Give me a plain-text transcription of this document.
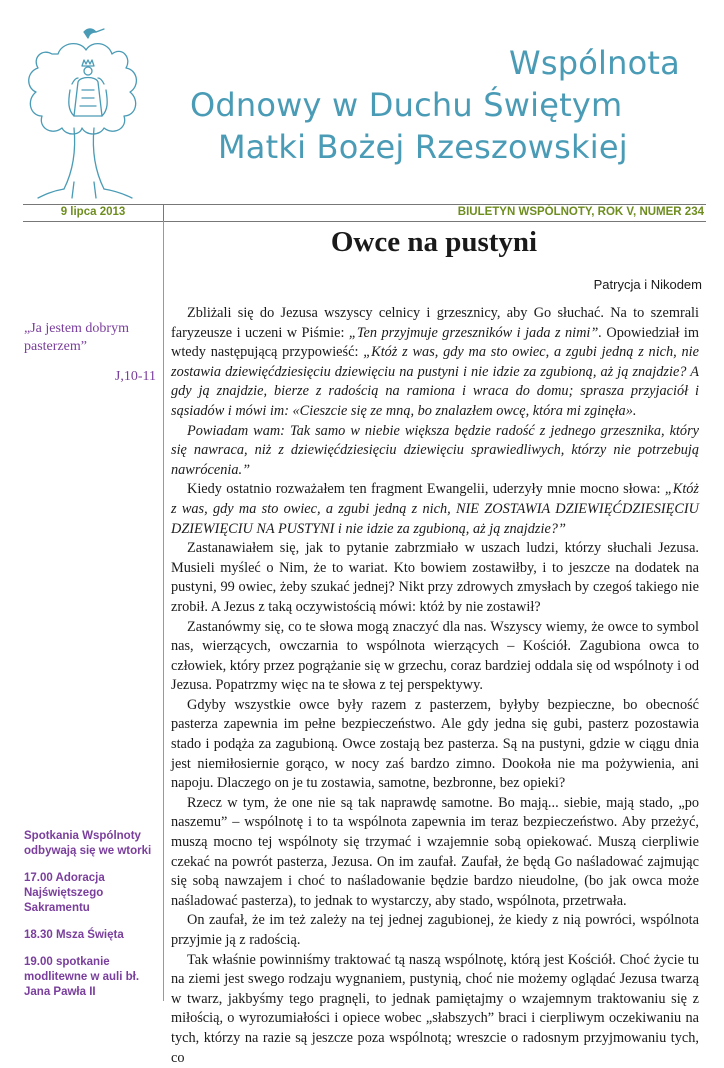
Wspólnota
Odnowy w Duchu Świętym
Matki Bożej Rzeszowskiej
9 lipca 2013	BIULETYN WSPÓLNOTY, ROK V, NUMER 234
„Ja jestem dobrym pasterzem”
J,10-11

Spotkania Wspólnoty odbywają się we wtorki

17.00 Adoracja Najświętszego Sakramentu

18.30 Msza Święta

19.00 spotkanie modlitewne w auli bł. Jana Pawła II

Owce na pustyni
Patrycja i Nikodem

Zbliżali się do Jezusa wszyscy celnicy i grzesznicy, aby Go słuchać. Na to szemrali faryzeusze i uczeni w Piśmie: „Ten przyjmuje grzeszników i jada z nimi”. Opowiedział im wtedy następującą przypowieść: „Któż z was, gdy ma sto owiec, a zgubi jedną z nich, nie zostawia dziewięćdziesięciu dziewięciu na pustyni i nie idzie za zgubioną, aż ją znajdzie? A gdy ją znajdzie, bierze z radością na ramiona i wraca do domu; sprasza przyjaciół i sąsiadów i mówi im: «Cieszcie się ze mną, bo znalazłem owcę, która mi zginęła».

Powiadam wam: Tak samo w niebie większa będzie radość z jednego grzesznika, który się nawraca, niż z dziewięćdziesięciu dziewięciu sprawiedliwych, którzy nie potrzebują nawrócenia.”

Kiedy ostatnio rozważałem ten fragment Ewangelii, uderzyły mnie mocno słowa: „Któż z was, gdy ma sto owiec, a zgubi jedną z nich, NIE ZOSTAWIA DZIEWIĘĆDZIESIĘCIU DZIEWIĘCIU NA PUSTYNI i nie idzie za zgubioną, aż ją znajdzie?”

Zastanawiałem się, jak to pytanie zabrzmiało w uszach ludzi, którzy słuchali Jezusa. Musieli myśleć o Nim, że to wariat. Kto bowiem zostawiłby, i to jeszcze na dodatek na pustyni, 99 owiec, żeby szukać jednej? Nikt przy zdrowych zmysłach by czegoś takiego nie zrobił. A Jezus z taką oczywistością mówi: któż by nie zostawił?

Zastanówmy się, co te słowa mogą znaczyć dla nas. Wszyscy wiemy, że owce to symbol nas, wierzących, owczarnia to wspólnota wierzących – Kościół. Zagubiona owca to człowiek, który przez pogrążanie się w grzechu, coraz bardziej oddala się od wspólnoty i od Jezusa. Popatrzmy więc na te słowa z tej perspektywy.

Gdyby wszystkie owce były razem z pasterzem, byłyby bezpieczne, bo obecność pasterza zapewnia im pełne bezpieczeństwo. Ale gdy jedna się gubi, pasterz pozostawia stado i podąża za zagubioną. Owce zostają bez pasterza. Są na pustyni, gdzie w ciągu dnia jest niemiłosiernie gorąco, w nocy zaś bardzo zimno. Dookoła nie ma pożywienia, ani napoju. Dlaczego on je tu zostawia, samotne, bezbronne, bez opieki?

Rzecz w tym, że one nie są tak naprawdę samotne. Bo mają... siebie, mają stado, „po naszemu” – wspólnotę i to ta wspólnota zapewnia im teraz bezpieczeństwo. Aby przeżyć, muszą mocno tej wspólnoty się trzymać i wzajemnie sobą opiekować. Muszą cierpliwie czekać na powrót pasterza, Jezusa. On im zaufał. Zaufał, że będą Go naśladować zajmując się sobą nawzajem i choć to naśladowanie będzie bardzo nieudolne, (bo jak owca może naśladować pasterza), to jednak to wystarczy, aby stado, wspólnota, przetrwała.

On zaufał, że im też zależy na tej jednej zagubionej, że kiedy z nią powróci, wspólnota przyjmie ją z radością.

Tak właśnie powinniśmy traktować tą naszą wspólnotę, którą jest Kościół. Choć życie tu na ziemi jest swego rodzaju wygnaniem, pustynią, choć nie możemy oglądać Jezusa twarzą w twarz, jakbyśmy tego pragnęli, to jednak pamiętajmy o wzajemnym traktowaniu się z miłością, o wyrozumiałości i opiece wobec „słabszych” braci i cierpliwym oczekiwaniu na tych, którzy na razie są jeszcze poza wspólnotą; wreszcie o radosnym przyjmowaniu tych, co
